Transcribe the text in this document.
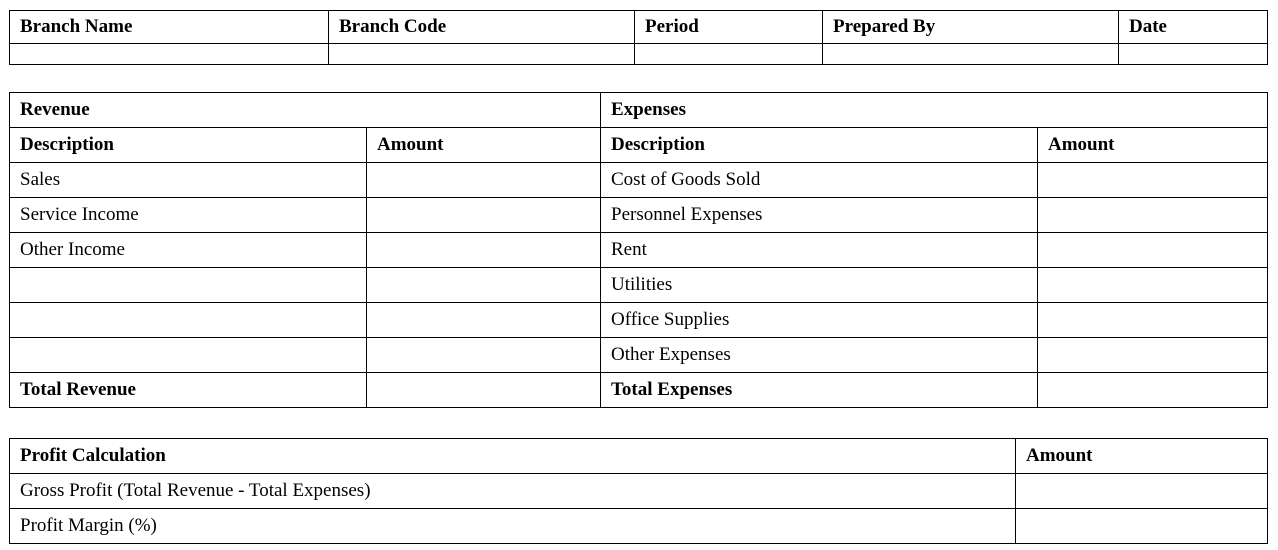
Branch Name	Branch Code	Period	Prepared By	Date

Revenue		Expenses	
Description	Amount	Description	Amount
Sales		Cost of Goods Sold	
Service Income		Personnel Expenses	
Other Income		Rent	
		Utilities	
		Office Supplies	
		Other Expenses	
Total Revenue		Total Expenses	
Profit Calculation	Amount
Gross Profit (Total Revenue - Total Expenses)	
Profit Margin (%)	
